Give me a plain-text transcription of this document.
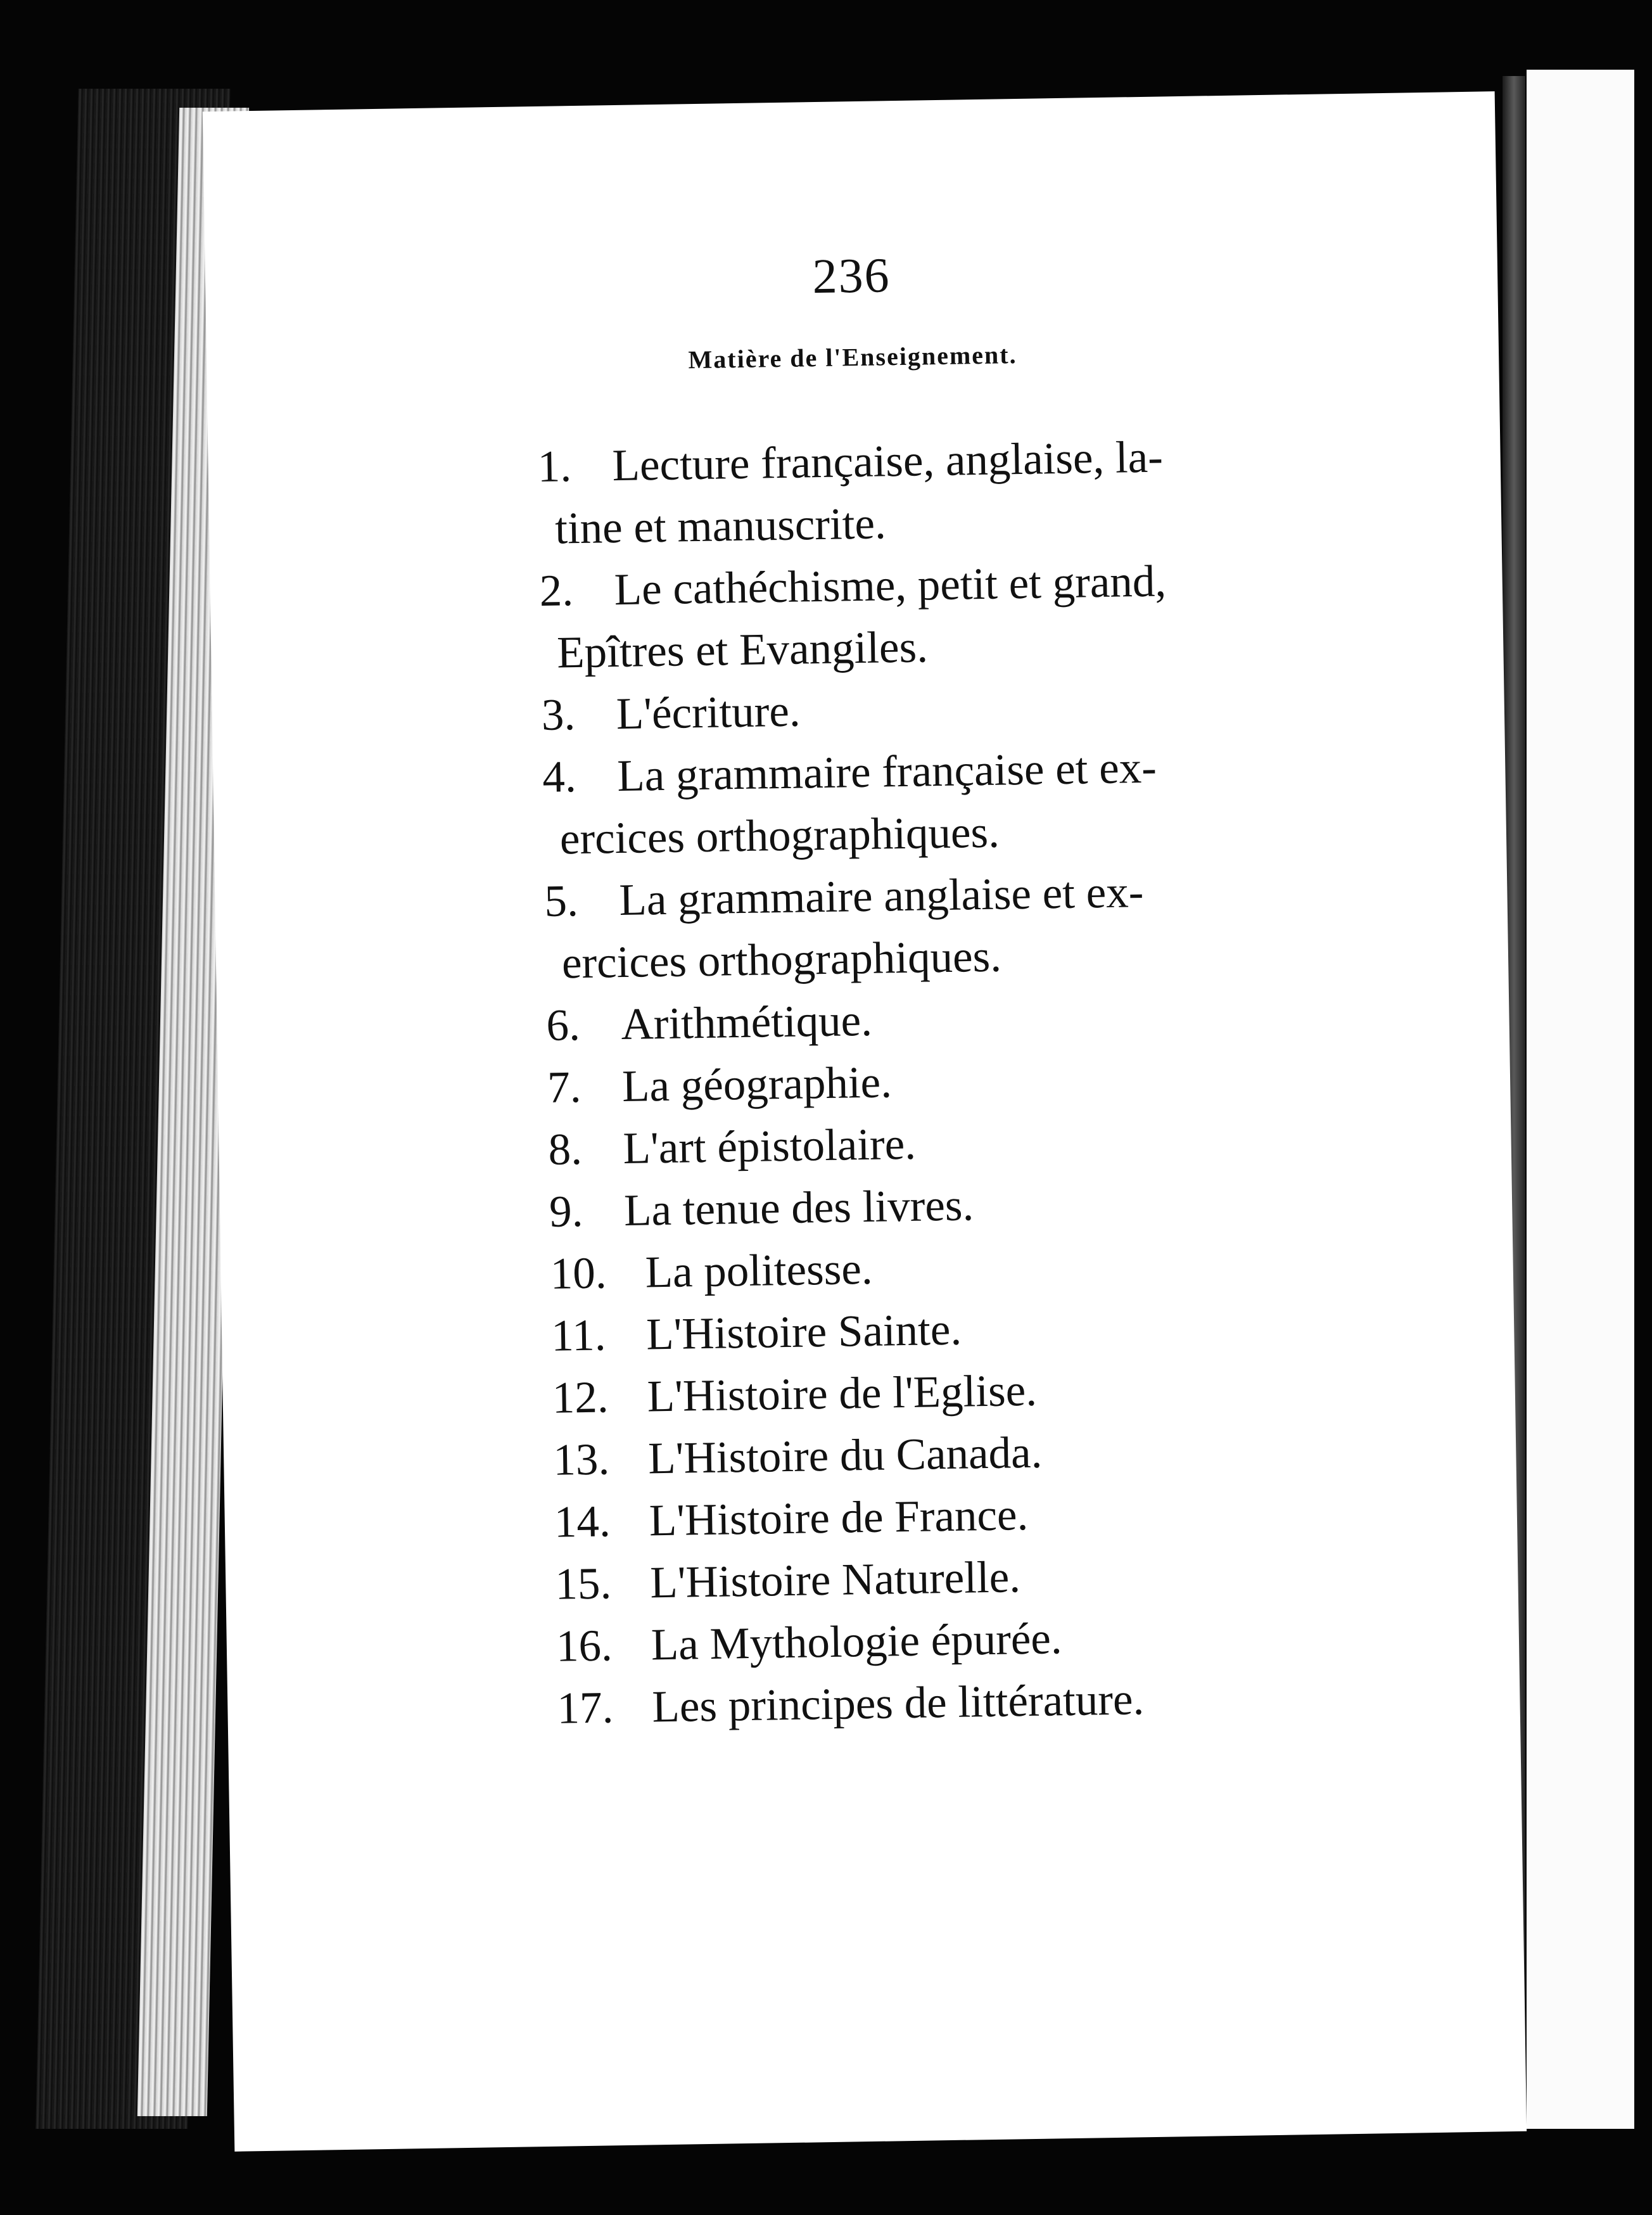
236
Matière de l'Enseignement.
1. Lecture française, anglaise, la-
tine et manuscrite.
2. Le cathéchisme, petit et grand,
Epîtres et Evangiles.
3. L'écriture.
4. La grammaire française et ex-
ercices orthographiques.
5. La grammaire anglaise et ex-
ercices orthographiques.
6. Arithmétique.
7. La géographie.
8. L'art épistolaire.
9. La tenue des livres.
10. La politesse.
11. L'Histoire Sainte.
12. L'Histoire de l'Eglise.
13. L'Histoire du Canada.
14. L'Histoire de France.
15. L'Histoire Naturelle.
16. La Mythologie épurée.
17. Les principes de littérature.
